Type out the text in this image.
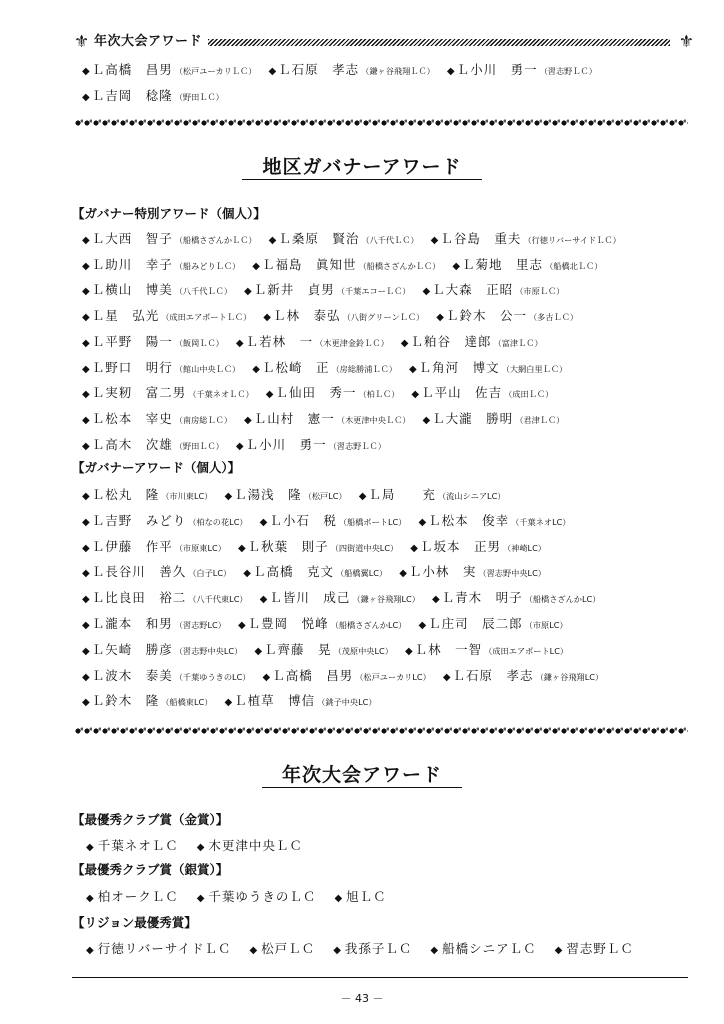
⚜ 年次大会アワード	⚜
◆ Ｌ高橋　昌男 （松戸ユーカリＬＣ） ◆ Ｌ石原　孝志 （鎌ヶ谷飛翔ＬＣ） ◆ Ｌ小川　勇一 （習志野ＬＣ）
◆ Ｌ吉岡　稔隆 （野田ＬＣ）
地区ガバナーアワード
【ガバナー特別アワード（個人）】
◆ Ｌ大西　智子 （船橋さざんかＬＣ） ◆ Ｌ桑原　賢治 （八千代ＬＣ） ◆ Ｌ谷島　重夫 （行徳リバーサイドＬＣ）
◆ Ｌ助川　幸子 （船みどりＬＣ） ◆ Ｌ福島　眞知世 （船橋さざんかＬＣ） ◆ Ｌ菊地　里志 （船橋北ＬＣ）
◆ Ｌ横山　博美 （八千代ＬＣ） ◆ Ｌ新井　貞男 （千葉エコーＬＣ） ◆ Ｌ大森　正昭 （市原ＬＣ）
◆ Ｌ星　弘光 （成田エアポートＬＣ） ◆ Ｌ林　泰弘 （八街グリーンＬＣ） ◆ Ｌ鈴木　公一 （多古ＬＣ）
◆ Ｌ平野　陽一 （飯岡ＬＣ） ◆ Ｌ若林　一 （木更津金鈴ＬＣ） ◆ Ｌ粕谷　達郎 （富津ＬＣ）
◆ Ｌ野口　明行 （館山中央ＬＣ） ◆ Ｌ松崎　正 （房総勝浦ＬＣ） ◆ Ｌ角河　博文 （大網白里ＬＣ）
◆ Ｌ実籾　富二男 （千葉ネオＬＣ） ◆ Ｌ仙田　秀一 （柏ＬＣ） ◆ Ｌ平山　佐吉 （成田ＬＣ）
◆ Ｌ松本　宰史 （南房総ＬＣ） ◆ Ｌ山村　憲一 （木更津中央ＬＣ） ◆ Ｌ大瀧　勝明 （君津ＬＣ）
◆ Ｌ高木　次雄 （野田ＬＣ） ◆ Ｌ小川　勇一 （習志野ＬＣ）
【ガバナーアワード（個人）】
◆ Ｌ松丸　隆 （市川東LC） ◆ Ｌ湯浅　隆 （松戸LC） ◆ Ｌ局　　充 （流山シニアLC）
◆ Ｌ吉野　みどり （柏なの花LC） ◆ Ｌ小石　税 （船橋ポートLC） ◆ Ｌ松本　俊幸 （千葉ネオLC）
◆ Ｌ伊藤　作平 （市原東LC） ◆ Ｌ秋葉　則子 （四街道中央LC） ◆ Ｌ坂本　正男 （神崎LC）
◆ Ｌ長谷川　善久 （白子LC） ◆ Ｌ高橋　克文 （船橋翼LC） ◆ Ｌ小林　実 （習志野中央LC）
◆ Ｌ比良田　裕二 （八千代東LC） ◆ Ｌ皆川　成己 （鎌ヶ谷飛翔LC） ◆ Ｌ青木　明子 （船橋さざんかLC）
◆ Ｌ瀧本　和男 （習志野LC） ◆ Ｌ豊岡　悦峰 （船橋さざんかLC） ◆ Ｌ庄司　辰二郎 （市原LC）
◆ Ｌ矢崎　勝彦 （習志野中央LC） ◆ Ｌ齊藤　晃 （茂原中央LC） ◆ Ｌ林　一智 （成田エアポートLC）
◆ Ｌ波木　泰美 （千葉ゆうきのLC） ◆ Ｌ高橋　昌男 （松戸ユーカリLC） ◆ Ｌ石原　孝志 （鎌ヶ谷飛翔LC）
◆ Ｌ鈴木　隆 （船橋東LC） ◆ Ｌ植草　博信 （銚子中央LC）
年次大会アワード
【最優秀クラブ賞（金賞）】
◆ 千葉ネオＬＣ ◆ 木更津中央ＬＣ
【最優秀クラブ賞（銀賞）】
◆ 柏オークＬＣ ◆ 千葉ゆうきのＬＣ ◆ 旭ＬＣ
【リジョン最優秀賞】
◆ 行徳リバーサイドＬＣ ◆ 松戸ＬＣ ◆ 我孫子ＬＣ ◆ 船橋シニアＬＣ ◆ 習志野ＬＣ
－ 43 －
